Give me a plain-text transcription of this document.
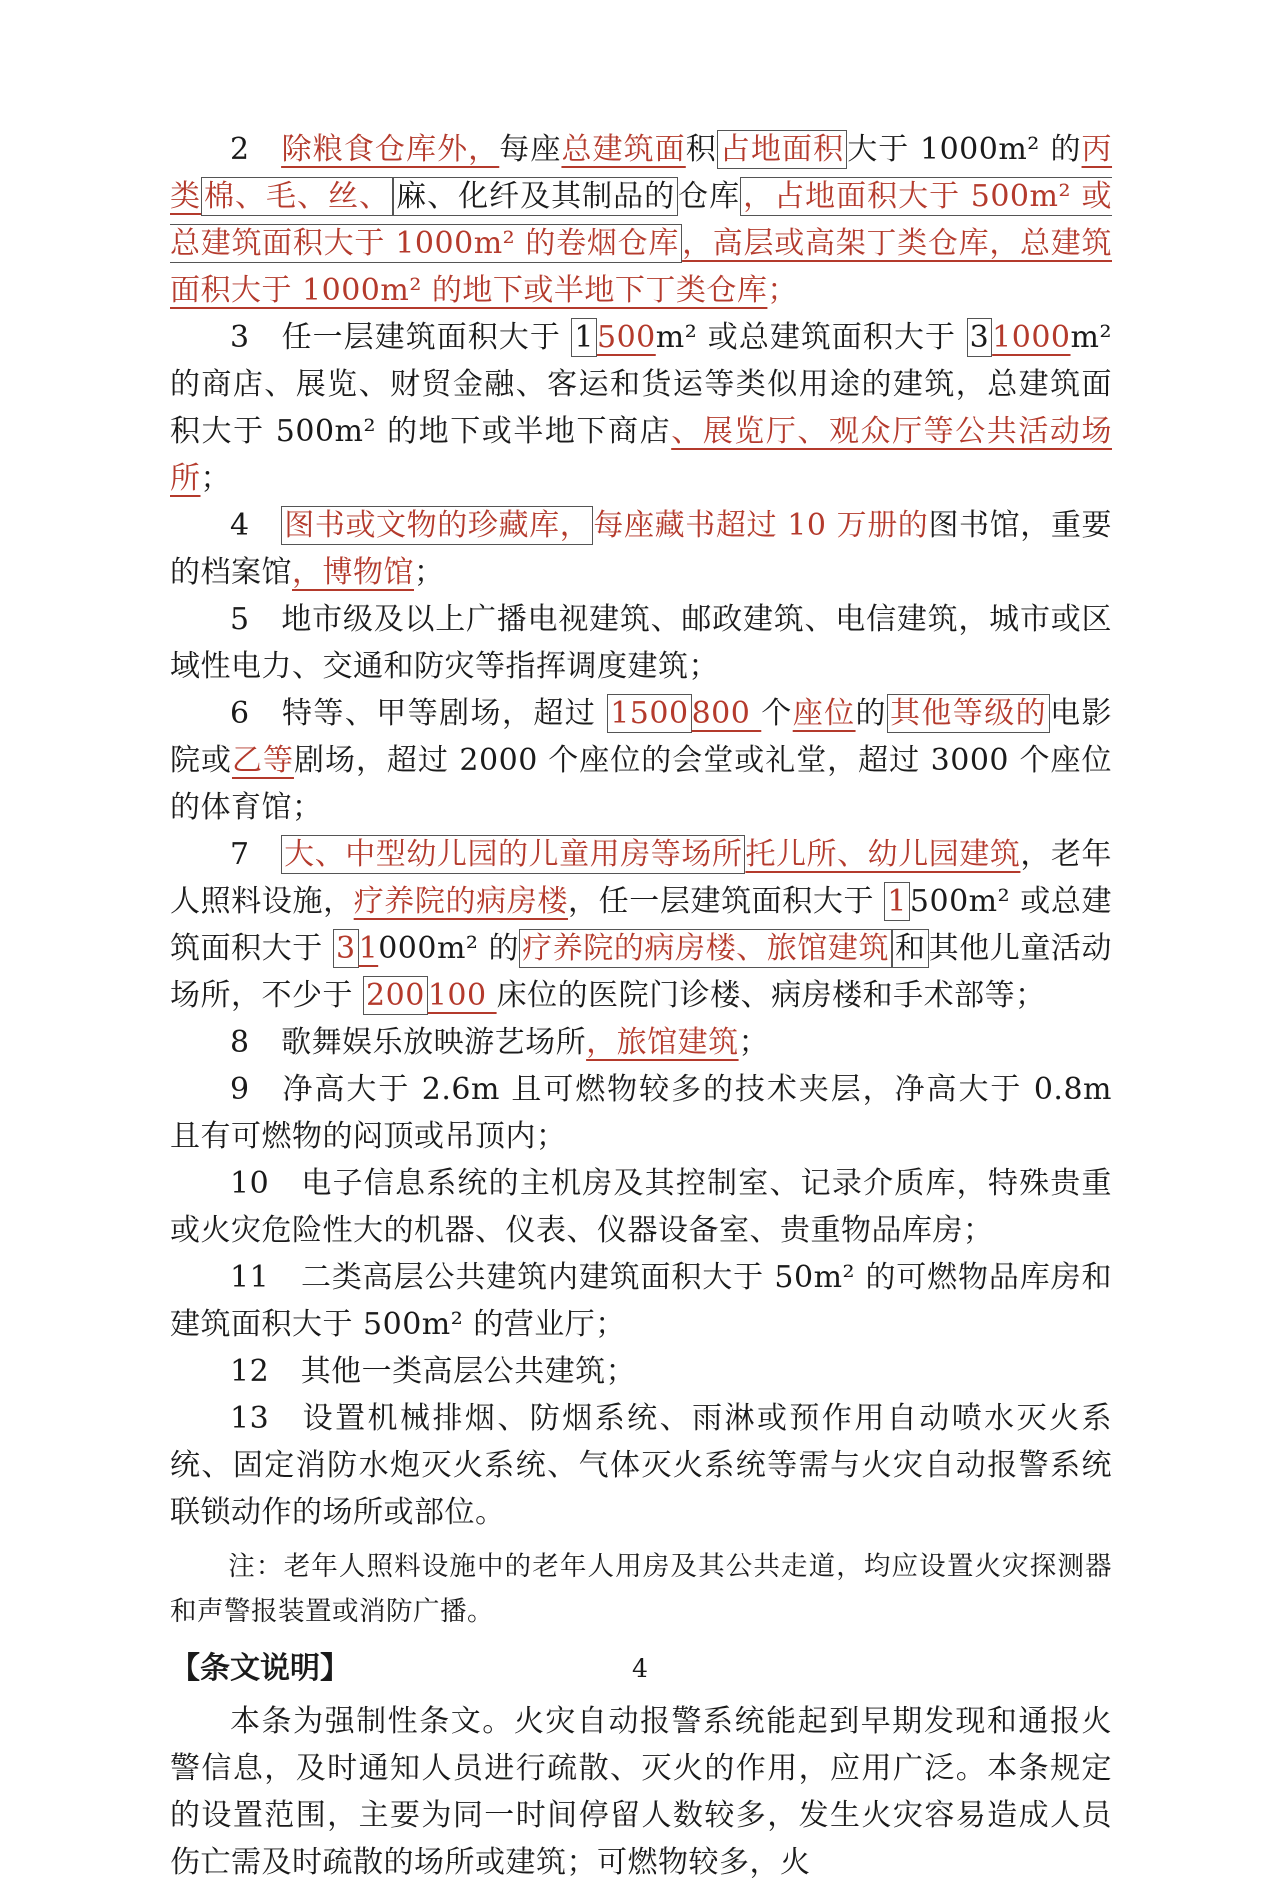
2 除粮食仓库外，每座总建筑面积 占地面积 大于 1000m² 的丙类 棉、毛、丝、 麻、化纤及其制品的 仓库 ，占地面积大于 500m² 或总建筑面积大于 1000m² 的卷烟仓库 ，高层或高架丁类仓库，总建筑面积大于 1000m² 的地下或半地下丁类仓库；

3 任一层建筑面积大于 1 500m² 或总建筑面积大于 3 1000m² 的商店、展览、财贸金融、客运和货运等类似用途的建筑，总建筑面积大于 500m² 的地下或半地下商店、展览厅、观众厅等公共活动场所；

4 图书或文物的珍藏库， 每座藏书超过 10 万册的图书馆，重要的档案馆，博物馆；

5 地市级及以上广播电视建筑、邮政建筑、电信建筑，城市或区域性电力、交通和防灾等指挥调度建筑；

6 特等、甲等剧场，超过 1500 800 个座位的 其他等级的 电影院或乙等剧场，超过 2000 个座位的会堂或礼堂，超过 3000 个座位的体育馆；

7 大、中型幼儿园的儿童用房等场所 托儿所、幼儿园建筑，老年人照料设施，疗养院的病房楼，任一层建筑面积大于 1 500m² 或总建筑面积大于 3 1000m² 的 疗养院的病房楼、旅馆建筑 和 其他儿童活动场所，不少于 200 100 床位的医院门诊楼、病房楼和手术部等；

8 歌舞娱乐放映游艺场所，旅馆建筑；

9 净高大于 2.6m 且可燃物较多的技术夹层，净高大于 0.8m 且有可燃物的闷顶或吊顶内；

10 电子信息系统的主机房及其控制室、记录介质库，特殊贵重或火灾危险性大的机器、仪表、仪器设备室、贵重物品库房；

11 二类高层公共建筑内建筑面积大于 50m² 的可燃物品库房和建筑面积大于 500m² 的营业厅；

12 其他一类高层公共建筑；

13 设置机械排烟、防烟系统、雨淋或预作用自动喷水灭火系统、固定消防水炮灭火系统、气体灭火系统等需与火灾自动报警系统联锁动作的场所或部位。

注：老年人照料设施中的老年人用房及其公共走道，均应设置火灾探测器和声警报装置或消防广播。

【条文说明】

本条为强制性条文。火灾自动报警系统能起到早期发现和通报火警信息，及时通知人员进行疏散、灭火的作用，应用广泛。本条规定的设置范围，主要为同一时间停留人数较多，发生火灾容易造成人员伤亡需及时疏散的场所或建筑；可燃物较多，火

4
